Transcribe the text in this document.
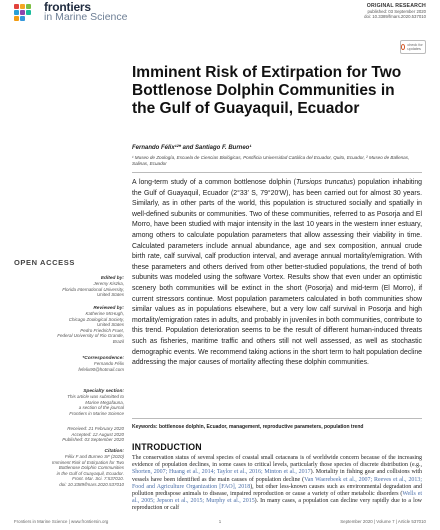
frontiers
in Marine Science
ORIGINAL RESEARCH
published: 03 September 2020
doi: 10.3389/fmars.2020.537010
check for updates
Imminent Risk of Extirpation for Two Bottlenose Dolphin Communities in the Gulf of Guayaquil, Ecuador
Fernando Félix¹²* and Santiago F. Burneo¹
¹ Museo de Zoología, Escuela de Ciencias Biológicas, Pontificia Universidad Católica del Ecuador, Quito, Ecuador, ² Museo de Ballenas, Salinas, Ecuador
A long-term study of a common bottlenose dolphin (Tursiops truncatus) population inhabiting the Gulf of Guayaquil, Ecuador (2°33′ S, 79°20′W), has been carried out for almost 30 years. Similarly, as in other parts of the world, this population is structured socially and spatially in well-defined subunits or communities. Two of these communities, referred to as Posorja and El Morro, have been studied with major intensity in the last 10 years in the western inner estuary, among others to calculate population parameters that allow assessing their viability in time. Calculated parameters include annual abundance, age and sex composition, annual crude birth rate, calf survival, calf production interval, and average annual mortality/emigration. With these parameters and others derived from other better-studied populations, the trend of both subunits was modeled using the software Vortex. Results show that even under an optimistic scenery both communities will be extinct in the short (Posorja) and mid-term (El Morro), if current stressors continue. Most population parameters calculated in both communities show similar values as in populations elsewhere, but a very low calf survival in Posorja and high mortality/emigration rates in adults, and probably in juveniles in both communities, contribute to this trend. Population deterioration seems to be the result of different human-induced threats such as fisheries, maritime traffic and others still not well assessed, as well as stochastic demographic events. We recommend taking actions in the short term to halt population decline addressing the major causes of mortality affecting these dolphin communities.
Keywords: bottlenose dolphin, Ecuador, management, reproductive parameters, population trend
INTRODUCTION
The conservation status of several species of coastal small cetaceans is of worldwide concern because of the increasing evidence of population declines, in some cases to critical levels, particularly those species of discrete distribution (e.g., Shorten, 2007; Huang et al., 2014; Taylor et al., 2016; Minton et al., 2017). Mortality in fishing gear and collisions with vessels have been identified as the main causes of population decline (Van Waerebeek et al., 2007; Reeves et al., 2013; Food and Agriculture Organization [FAO], 2018), but other less-known causes such as environmental degradation and pollution predispose animals to disease, impaired reproduction or cause a variety of other metabolic disorders (Wells et al., 2005; Jepson et al., 2015; Murphy et al., 2015). In many cases, a population can decline very rapidly due to a low reproduction or calf
OPEN ACCESS
Edited by:
Jeremy Kiszka,
Florida International University,
United States
Reviewed by:
Katherine McHugh,
Chicago Zoological Society,
United States
Pedro Friedrich Fruet,
Federal University of Rio Grande,
Brazil
*Correspondence:
Fernando Félix
fefelix90@hotmail.com
Specialty section:
This article was submitted to
Marine Megafauna,
a section of the journal
Frontiers in Marine Science
Received: 21 February 2020
Accepted: 12 August 2020
Published: 03 September 2020
Citation:
Félix F and Burneo SF (2020)
Imminent Risk of Extirpation for Two
Bottlenose Dolphin Communities
in the Gulf of Guayaquil, Ecuador.
Front. Mar. Sci. 7:537010.
doi: 10.3389/fmars.2020.537010
Frontiers in Marine Science | www.frontiersin.org	1	September 2020 | Volume 7 | Article 537010
